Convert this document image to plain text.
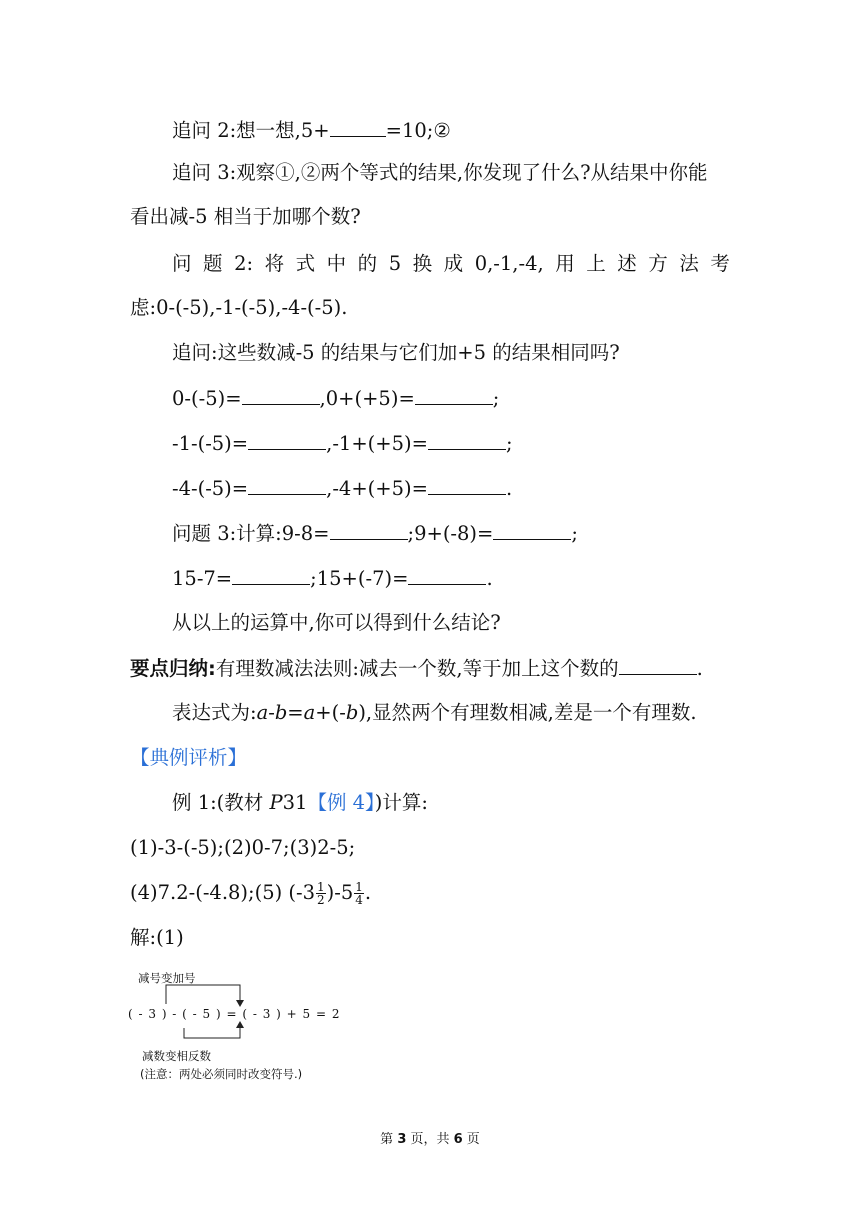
追问 2:想一想,5+	=10;②
追问 3:观察①,②两个等式的结果,你发现了什么?从结果中你能
看出减-5 相当于加哪个数?
问 题 2: 将 式 中 的 5 换 成 0,-1,-4, 用 上 述 方 法 考
虑:0-(-5),-1-(-5),-4-(-5).
追问:这些数减-5 的结果与它们加+5 的结果相同吗?
0-(-5)=	,0+(+5)=	;
-1-(-5)=	,-1+(+5)=	;
-4-(-5)=	,-4+(+5)=	.
问题 3:计算:9-8=	;9+(-8)=	;
15-7=	;15+(-7)=	.
从以上的运算中,你可以得到什么结论?
要点归纳:有理数减法法则:减去一个数,等于加上这个数的	.
表达式为:a-b=a+(-b),显然两个有理数相减,差是一个有理数.
【典例评析】
例 1:(教材 P31【例 4】)计算:
(1)-3-(-5);(2)0-7;(3)2-5;
(4)7.2-(-4.8);(5) $(-3 \frac{1}{2} )-5 \frac{1}{4}$ .
解:(1)
减号变加号
( - 3 ) - ( - 5 ) = ( - 3 ) + 5 = 2
减数变相反数
(注意：两处必须同时改变符号.)
第 3 页，共 6 页
